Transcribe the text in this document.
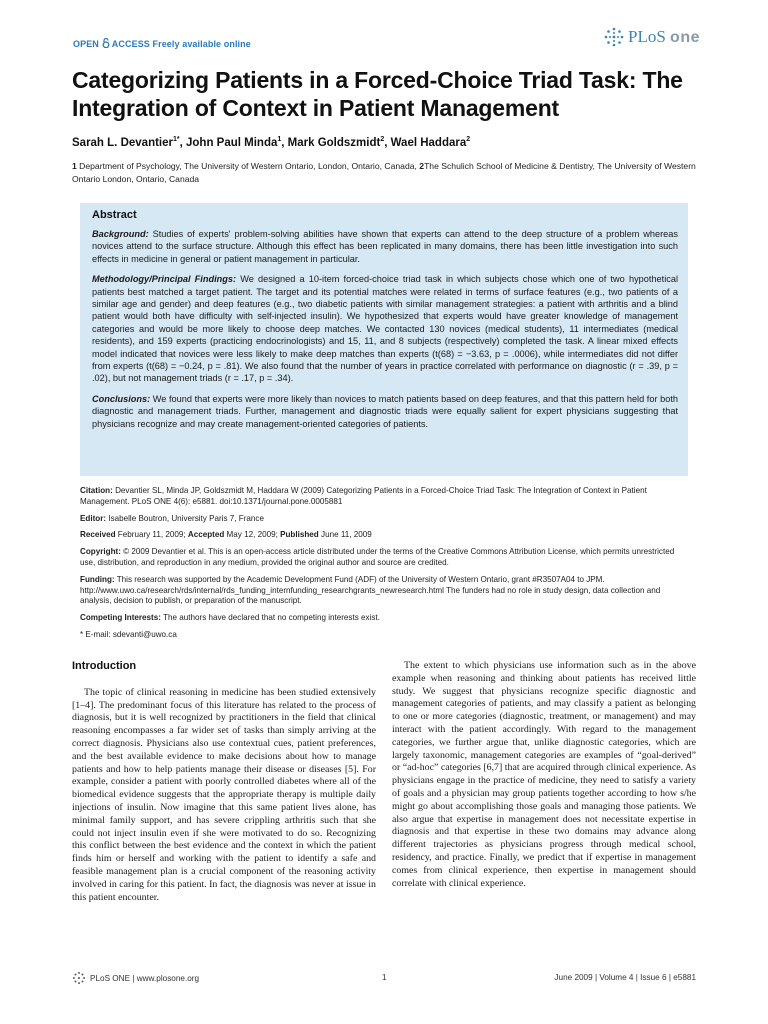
OPEN ACCESS Freely available online	PLoS one
Categorizing Patients in a Forced-Choice Triad Task: The Integration of Context in Patient Management
Sarah L. Devantier$^{1*}$, John Paul Minda$^1$, Mark Goldszmidt$^2$, Wael Haddara$^2$
1 Department of Psychology, The University of Western Ontario, London, Ontario, Canada, 2The Schulich School of Medicine & Dentistry, The University of Western Ontario London, Ontario, Canada
Abstract

Background: Studies of experts' problem-solving abilities have shown that experts can attend to the deep structure of a problem whereas novices attend to the surface structure. Although this effect has been replicated in many domains, there has been little investigation into such effects in medicine in general or patient management in particular.

Methodology/Principal Findings: We designed a 10-item forced-choice triad task in which subjects chose which one of two hypothetical patients best matched a target patient. The target and its potential matches were related in terms of surface features (e.g., two patients of a similar age and gender) and deep features (e.g., two diabetic patients with similar management strategies: a patient with arthritis and a blind patient would both have difficulty with self-injected insulin). We hypothesized that experts would have greater knowledge of management categories and would be more likely to choose deep matches. We contacted 130 novices (medical students), 11 intermediates (medical residents), and 159 experts (practicing endocrinologists) and 15, 11, and 8 subjects (respectively) completed the task. A linear mixed effects model indicated that novices were less likely to make deep matches than experts (t(68) = −3.63, p = .0006), while intermediates did not differ from experts (t(68) = −0.24, p = .81). We also found that the number of years in practice correlated with performance on diagnostic (r = .39, p = .02), but not management triads (r = .17, p = .34).

Conclusions: We found that experts were more likely than novices to match patients based on deep features, and that this pattern held for both diagnostic and management triads. Further, management and diagnostic triads were equally salient for expert physicians suggesting that physicians recognize and may create management-oriented categories of patients.

Citation: Devantier SL, Minda JP, Goldszmidt M, Haddara W (2009) Categorizing Patients in a Forced-Choice Triad Task: The Integration of Context in Patient Management. PLoS ONE 4(6): e5881. doi:10.1371/journal.pone.0005881
Editor: Isabelle Boutron, University Paris 7, France
Received February 11, 2009; Accepted May 12, 2009; Published June 11, 2009
Copyright: © 2009 Devantier et al. This is an open-access article distributed under the terms of the Creative Commons Attribution License, which permits unrestricted use, distribution, and reproduction in any medium, provided the original author and source are credited.
Funding: This research was supported by the Academic Development Fund (ADF) of the University of Western Ontario, grant #R3507A04 to JPM. http://www.uwo.ca/research/rds/internal/rds_funding_internfunding_researchgrants_newresearch.html The funders had no role in study design, data collection and analysis, decision to publish, or preparation of the manuscript.
Competing Interests: The authors have declared that no competing interests exist.
* E-mail: sdevanti@uwo.ca
Introduction

The topic of clinical reasoning in medicine has been studied extensively [1–4]. The predominant focus of this literature has related to the process of diagnosis, but it is well recognized by practitioners in the field that clinical reasoning encompasses a far wider set of tasks than simply arriving at the correct diagnosis. Physicians also use contextual cues, patient preferences, and the best available evidence to make decisions about how to manage patients and how to help patients manage their disease or diseases [5]. For example, consider a patient with poorly controlled diabetes where all of the biomedical evidence suggests that the appropriate therapy is multiple daily injections of insulin. Now imagine that this same patient lives alone, has minimal family support, and has severe crippling arthritis such that she could not inject insulin even if she were motivated to do so. Recognizing this conflict between the best evidence and the context in which the patient finds him or herself and working with the patient to identify a safe and feasible management plan is a crucial component of the reasoning activity involved in caring for this patient. In fact, the diagnosis was never at issue in this patient encounter.

The extent to which physicians use information such as in the above example when reasoning and thinking about patients has received little study. We suggest that physicians recognize specific diagnostic and management categories of patients, and may classify a patient as belonging to one or more categories (diagnostic, treatment, or management) and may interact with the patient accordingly. With regard to the management categories, we further argue that, unlike diagnostic categories, which are largely taxonomic, management categories are examples of “goal-derived” or “ad-hoc” categories [6,7] that are acquired through clinical experience. As physicians engage in the practice of medicine, they need to satisfy a variety of goals and a physician may group patients together according to how s/he might go about accomplishing those goals and managing those patients. We also argue that expertise in management does not necessitate expertise in diagnosis and that expertise in these two domains may advance along different trajectories as physicians progress through medical school, residency, and practice. Finally, we predict that if expertise in management comes from clinical experience, then expertise in management should correlate with clinical experience.

PLoS ONE | www.plosone.org	1	June 2009 | Volume 4 | Issue 6 | e5881
